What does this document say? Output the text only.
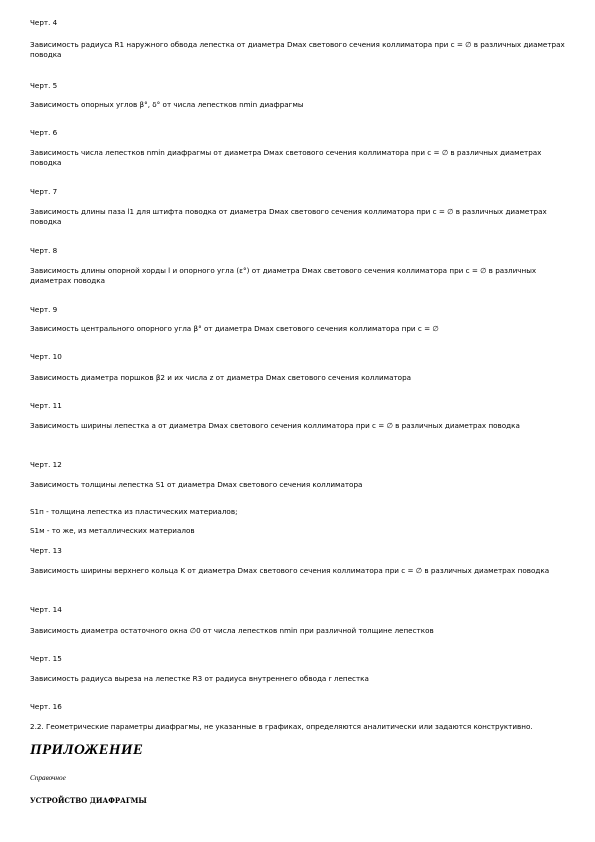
Черт. 4
Зависимость радиуса R1 наружного обвода лепестка от диаметра Dмах светового сечения коллиматора при c = ∅ в различных диаметрах поводка
Черт. 5
Зависимость опорных углов β°, δ° от числа лепестков nmin диафрагмы
Черт. 6
Зависимость числа лепестков nmin диафрагмы от диаметра Dмах светового сечения коллиматора при c = ∅ в различных диаметрах поводка
Черт. 7
Зависимость длины паза l1 для штифта поводка от диаметра Dмах светового сечения коллиматора при c = ∅ в различных диаметрах поводка
Черт. 8
Зависимость длины опорной хорды l и опорного угла (ε°) от диаметра Dмах светового сечения коллиматора при c = ∅ в различных диаметрах поводка
Черт. 9
Зависимость центрального опорного угла β° от диаметра Dмах светового сечения коллиматора при c = ∅
Черт. 10
Зависимость диаметра поршков β2 и их числа z от диаметра Dмах светового сечения коллиматора
Черт. 11
Зависимость ширины лепестка a от диаметра Dмах светового сечения коллиматора при c = ∅ в различных диаметрах поводка
Черт. 12
Зависимость толщины лепестка S1 от диаметра Dмах светового сечения коллиматора
S1п - толщина лепестка из пластических материалов;
S1м - то же, из металлических материалов
Черт. 13
Зависимость ширины верхнего кольца K от диаметра Dмах светового сечения коллиматора при c = ∅ в различных диаметрах поводка
Черт. 14
Зависимость диаметра остаточного окна ∅0 от числа лепестков nmin при различной толщине лепестков
Черт. 15
Зависимость радиуса выреза на лепестке R3 от радиуса внутреннего обвода r лепестка
Черт. 16
2.2. Геометрические параметры диафрагмы, не указанные в графиках, определяются аналитически или задаются конструктивно.
ПРИЛОЖЕНИЕ
Справочное
УСТРОЙСТВО ДИАФРАГМЫ
